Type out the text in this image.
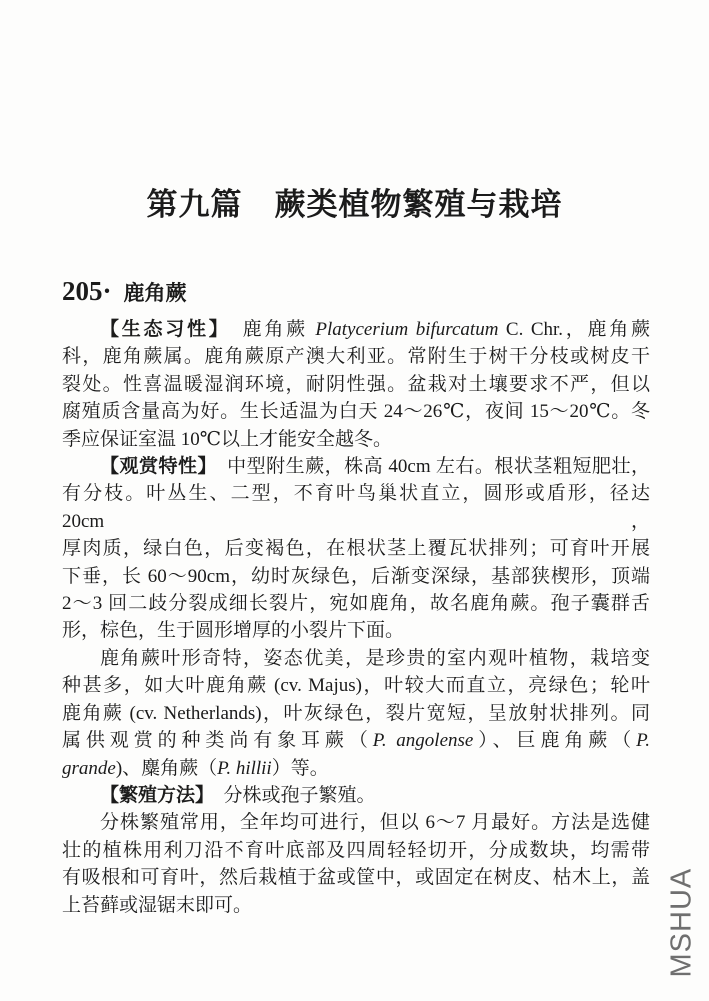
第九篇　蕨类植物繁殖与栽培
205· 鹿角蕨
【生态习性】　鹿角蕨 Platycerium bifurcatum C. Chr.，鹿角蕨
科，鹿角蕨属。鹿角蕨原产澳大利亚。常附生于树干分枝或树皮干
裂处。性喜温暖湿润环境，耐阴性强。盆栽对土壤要求不严，但以
腐殖质含量高为好。生长适温为白天 24～26℃，夜间 15～20℃。冬
季应保证室温 10℃以上才能安全越冬。
【观赏特性】　中型附生蕨，株高 40cm 左右。根状茎粗短肥壮，
有分枝。叶丛生、二型，不育叶鸟巢状直立，圆形或盾形，径达 20cm，
厚肉质，绿白色，后变褐色，在根状茎上覆瓦状排列；可育叶开展
下垂，长 60～90cm，幼时灰绿色，后渐变深绿，基部狭楔形，顶端
2～3 回二歧分裂成细长裂片，宛如鹿角，故名鹿角蕨。孢子囊群舌
形，棕色，生于圆形增厚的小裂片下面。
鹿角蕨叶形奇特，姿态优美，是珍贵的室内观叶植物，栽培变
种甚多，如大叶鹿角蕨 (cv. Majus)，叶较大而直立，亮绿色；轮叶
鹿角蕨 (cv. Netherlands)，叶灰绿色，裂片宽短，呈放射状排列。同
属供观赏的种类尚有象耳蕨（P. angolense）、巨鹿角蕨（P.
grande)、麋角蕨（P. hillii）等。
【繁殖方法】　分株或孢子繁殖。
分株繁殖常用，全年均可进行，但以 6～7 月最好。方法是选健
壮的植株用利刀沿不育叶底部及四周轻轻切开，分成数块，均需带
有吸根和可育叶，然后栽植于盆或筐中，或固定在树皮、枯木上，盖
上苔藓或湿锯末即可。	MSHUA
